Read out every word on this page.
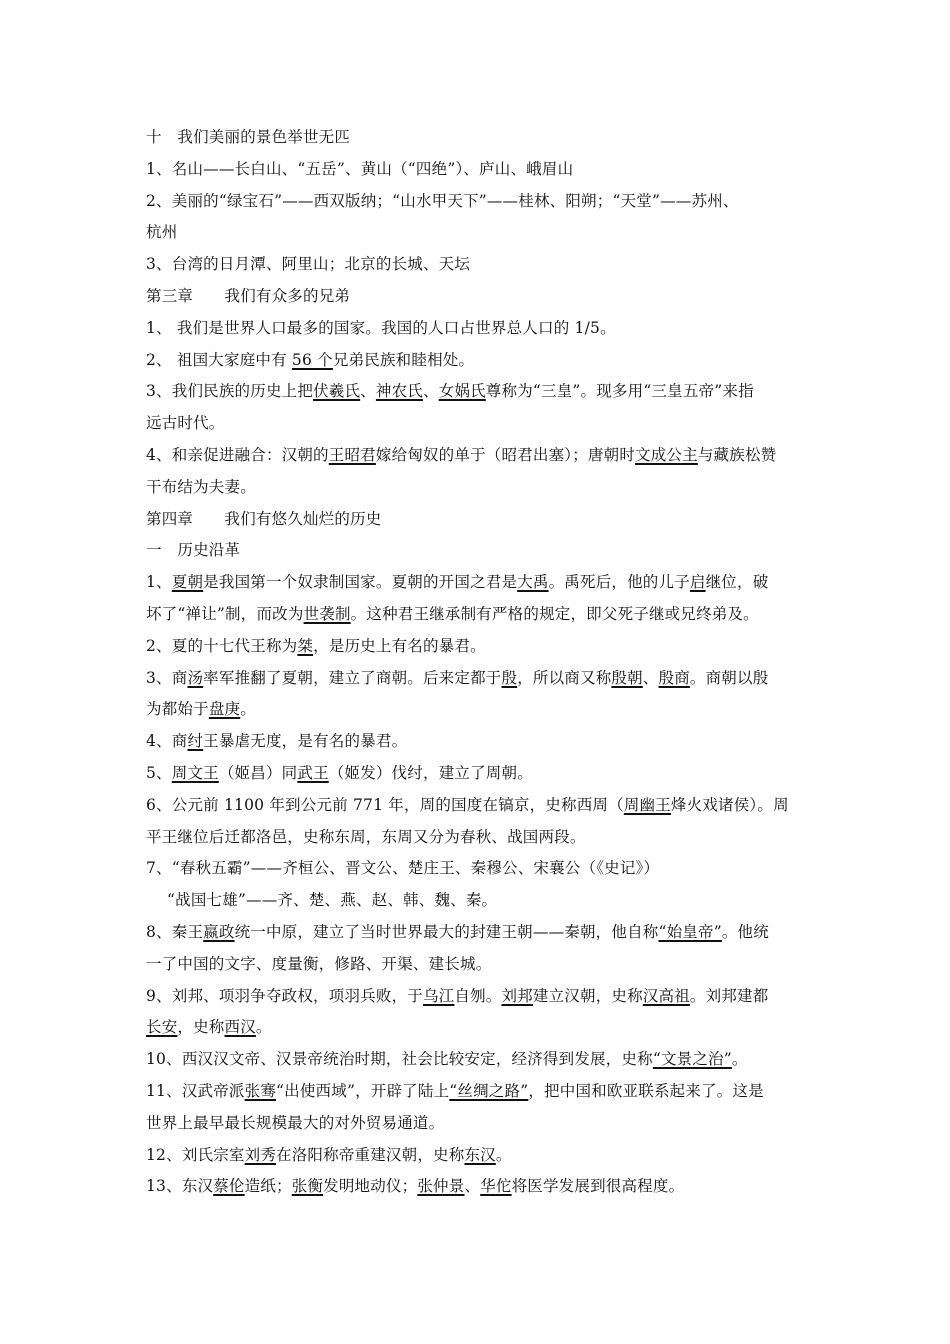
十　我们美丽的景色举世无匹
1、名山——长白山、“五岳”、黄山（“四绝”）、庐山、峨眉山
2、美丽的“绿宝石”——西双版纳；“山水甲天下”——桂林、阳朔；“天堂”——苏州、
杭州
3、台湾的日月潭、阿里山；北京的长城、天坛
第三章　　我们有众多的兄弟
1、 我们是世界人口最多的国家。我国的人口占世界总人口的 1/5。
2、 祖国大家庭中有 56 个兄弟民族和睦相处。
3、我们民族的历史上把伏羲氏、神农氏、女娲氏尊称为“三皇”。现多用“三皇五帝”来指
远古时代。
4、和亲促进融合：汉朝的王昭君嫁给匈奴的单于（昭君出塞）；唐朝时文成公主与藏族松赞
干布结为夫妻。
第四章　　我们有悠久灿烂的历史
一　历史沿革
1、夏朝是我国第一个奴隶制国家。夏朝的开国之君是大禹。禹死后，他的儿子启继位，破
坏了“禅让”制，而改为世袭制。这种君王继承制有严格的规定，即父死子继或兄终弟及。
2、夏的十七代王称为桀，是历史上有名的暴君。
3、商汤率军推翻了夏朝，建立了商朝。后来定都于殷，所以商又称殷朝、殷商。商朝以殷
为都始于盘庚。
4、商纣王暴虐无度，是有名的暴君。
5、周文王（姬昌）同武王（姬发）伐纣，建立了周朝。
6、公元前 1100 年到公元前 771 年，周的国度在镐京，史称西周（周幽王烽火戏诸侯）。周
平王继位后迁都洛邑，史称东周，东周又分为春秋、战国两段。
7、“春秋五霸”——齐桓公、晋文公、楚庄王、秦穆公、宋襄公（《史记》）
“战国七雄”——齐、楚、燕、赵、韩、魏、秦。
8、秦王嬴政统一中原，建立了当时世界最大的封建王朝——秦朝，他自称“始皇帝”。他统
一了中国的文字、度量衡，修路、开渠、建长城。
9、刘邦、项羽争夺政权，项羽兵败，于乌江自刎。刘邦建立汉朝，史称汉高祖。刘邦建都
长安，史称西汉。
10、西汉汉文帝、汉景帝统治时期，社会比较安定，经济得到发展，史称“文景之治”。
11、汉武帝派张骞“出使西域”，开辟了陆上“丝绸之路”，把中国和欧亚联系起来了。这是
世界上最早最长规模最大的对外贸易通道。
12、刘氏宗室刘秀在洛阳称帝重建汉朝，史称东汉。
13、东汉蔡伦造纸；张衡发明地动仪；张仲景、华佗将医学发展到很高程度。
